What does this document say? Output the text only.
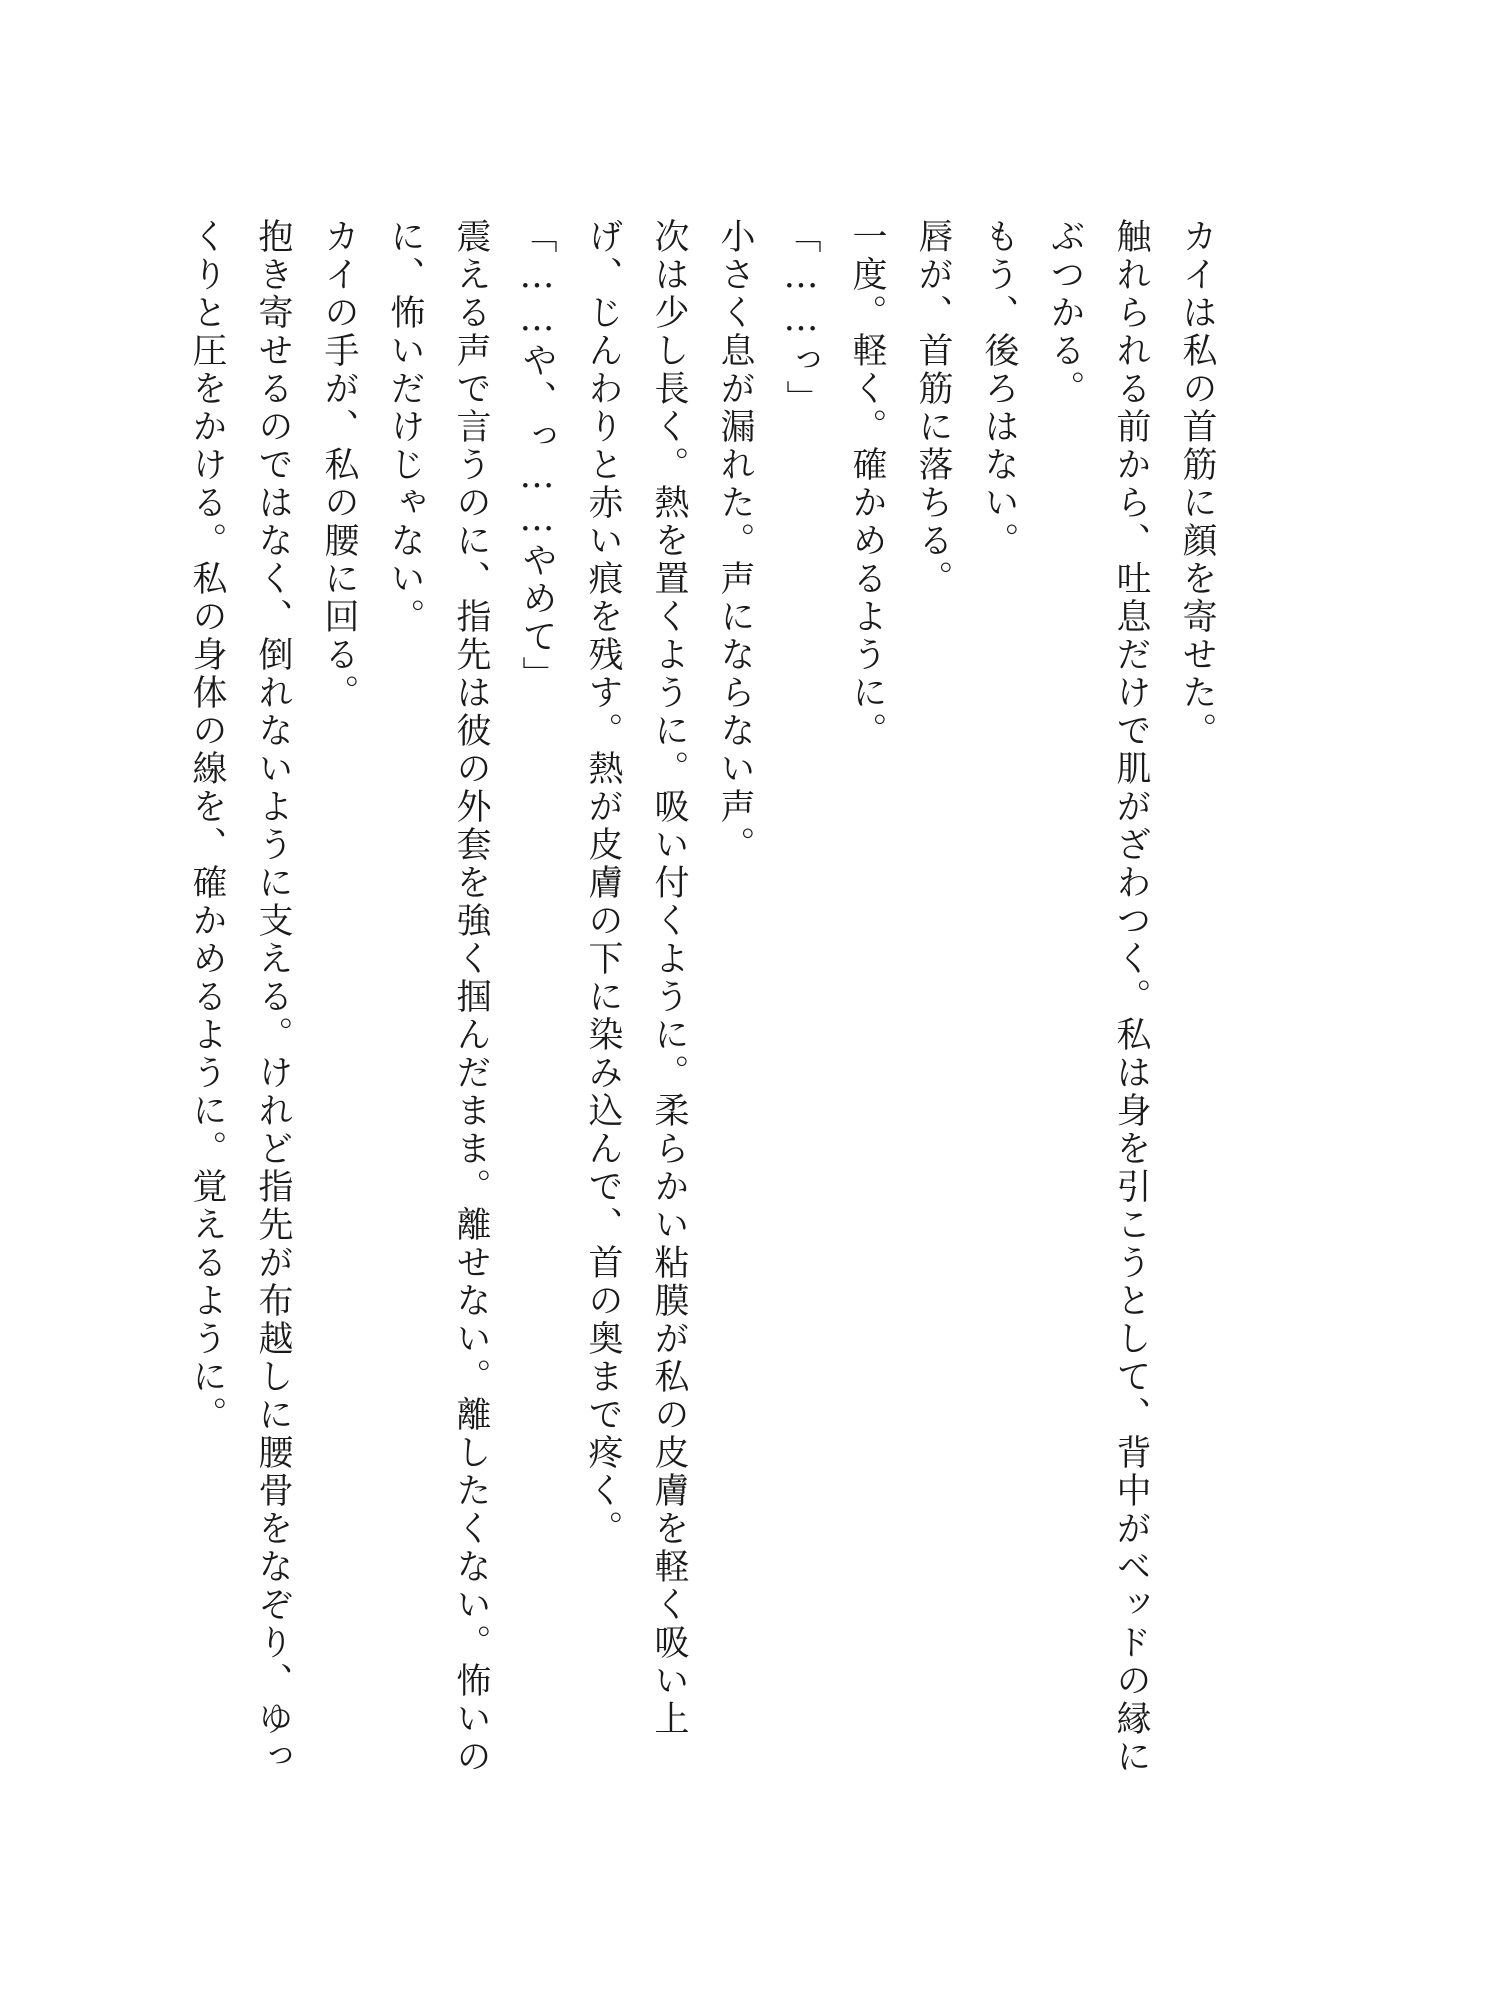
カイは私の首筋に顔を寄せた。

触れられる前から、吐息だけで肌がざわつく。私は身を引こうとして、背中がベッドの縁にぶつかる。

もう、後ろはない。

唇が、首筋に落ちる。

一度。軽く。確かめるように。

「……っ」

小さく息が漏れた。声にならない声。

次は少し長く。熱を置くように。吸い付くように。柔らかい粘膜が私の皮膚を軽く吸い上げ、じんわりと赤い痕を残す。熱が皮膚の下に染み込んで、首の奥まで疼く。

「……や、っ……やめて」

震える声で言うのに、指先は彼の外套を強く掴んだまま。離せない。離したくない。怖いのに、怖いだけじゃない。

カイの手が、私の腰に回る。

抱き寄せるのではなく、倒れないように支える。けれど指先が布越しに腰骨をなぞり、ゆっくりと圧をかける。私の身体の線を、確かめるように。覚えるように。
